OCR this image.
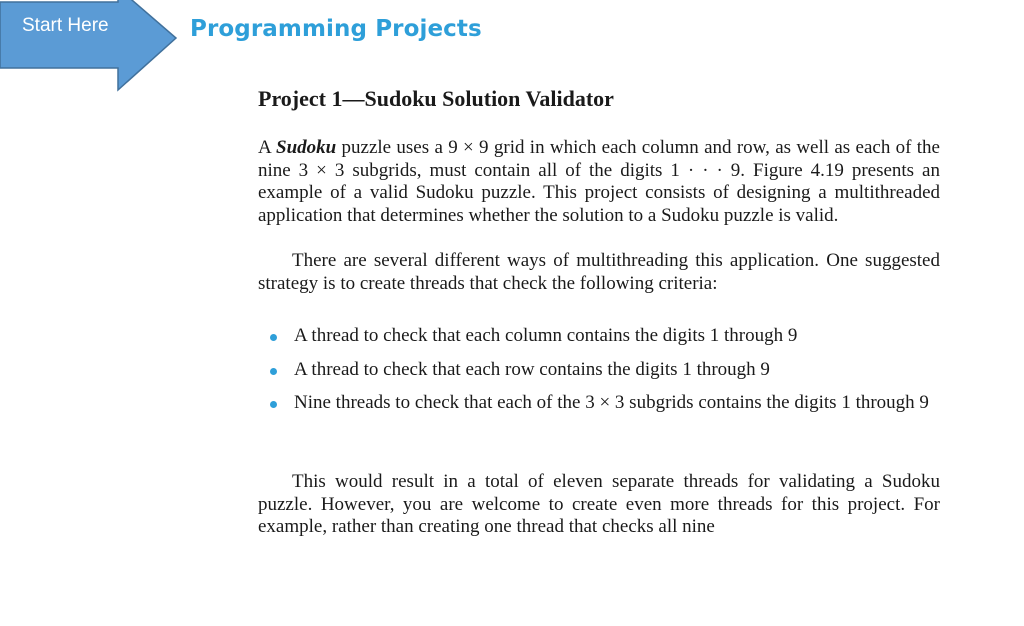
Start Here	Programming Projects
Project 1—Sudoku Solution Validator
A Sudoku puzzle uses a 9 × 9 grid in which each column and row, as well as each of the nine 3 × 3 subgrids, must contain all of the digits 1 · · · 9. Figure 4.19 presents an example of a valid Sudoku puzzle. This project consists of designing a multithreaded application that determines whether the solution to a Sudoku puzzle is valid.
There are several different ways of multithreading this application. One suggested strategy is to create threads that check the following criteria:
A thread to check that each column contains the digits 1 through 9
A thread to check that each row contains the digits 1 through 9
Nine threads to check that each of the 3 × 3 subgrids contains the digits 1 through 9
This would result in a total of eleven separate threads for validating a Sudoku puzzle. However, you are welcome to create even more threads for this project. For example, rather than creating one thread that checks all nine
